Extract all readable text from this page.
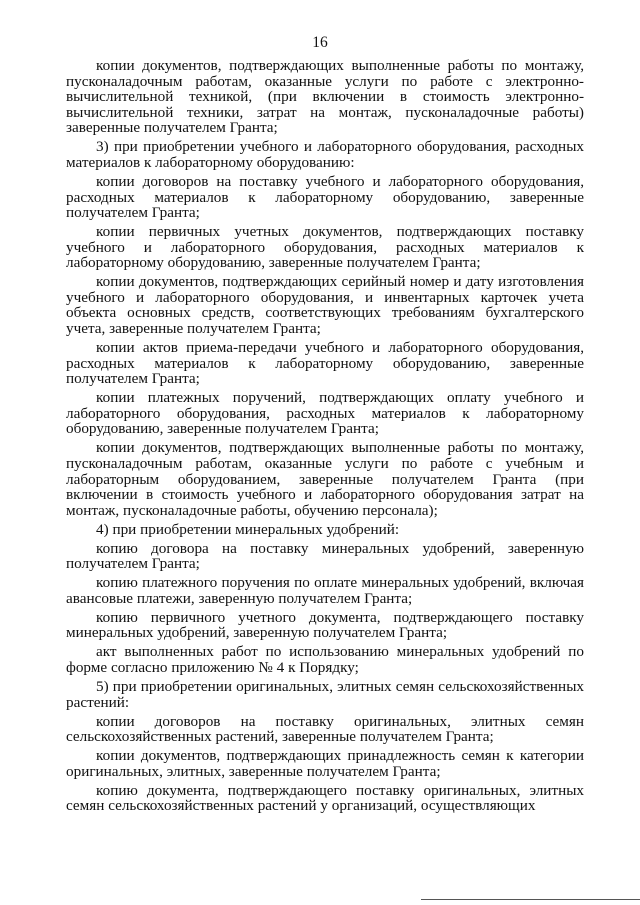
16

копии документов, подтверждающих выполненные работы по монтажу, пусконаладочным работам, оказанные услуги по работе с электронно-вычислительной техникой, (при включении в стоимость электронно-вычислительной техники, затрат на монтаж, пусконаладочные работы) заверенные получателем Гранта;

3) при приобретении учебного и лабораторного оборудования, расходных материалов к лабораторному оборудованию:

копии договоров на поставку учебного и лабораторного оборудования, расходных материалов к лабораторному оборудованию, заверенные получателем Гранта;

копии первичных учетных документов, подтверждающих поставку учебного и лабораторного оборудования, расходных материалов к лабораторному оборудованию, заверенные получателем Гранта;

копии документов, подтверждающих серийный номер и дату изготовления учебного и лабораторного оборудования, и инвентарных карточек учета объекта основных средств, соответствующих требованиям бухгалтерского учета, заверенные получателем Гранта;

копии актов приема-передачи учебного и лабораторного оборудования, расходных материалов к лабораторному оборудованию, заверенные получателем Гранта;

копии платежных поручений, подтверждающих оплату учебного и лабораторного оборудования, расходных материалов к лабораторному оборудованию, заверенные получателем Гранта;

копии документов, подтверждающих выполненные работы по монтажу, пусконаладочным работам, оказанные услуги по работе с учебным и лабораторным оборудованием, заверенные получателем Гранта (при включении в стоимость учебного и лабораторного оборудования затрат на монтаж, пусконаладочные работы, обучению персонала);

4) при приобретении минеральных удобрений:

копию договора на поставку минеральных удобрений, заверенную получателем Гранта;

копию платежного поручения по оплате минеральных удобрений, включая авансовые платежи, заверенную получателем Гранта;

копию первичного учетного документа, подтверждающего поставку минеральных удобрений, заверенную получателем Гранта;

акт выполненных работ по использованию минеральных удобрений по форме согласно приложению № 4 к Порядку;

5) при приобретении оригинальных, элитных семян сельскохозяйственных растений:

копии договоров на поставку оригинальных, элитных семян сельскохозяйственных растений, заверенные получателем Гранта;

копии документов, подтверждающих принадлежность семян к категории оригинальных, элитных, заверенные получателем Гранта;

копию документа, подтверждающего поставку оригинальных, элитных семян сельскохозяйственных растений у организаций, осуществляющих
